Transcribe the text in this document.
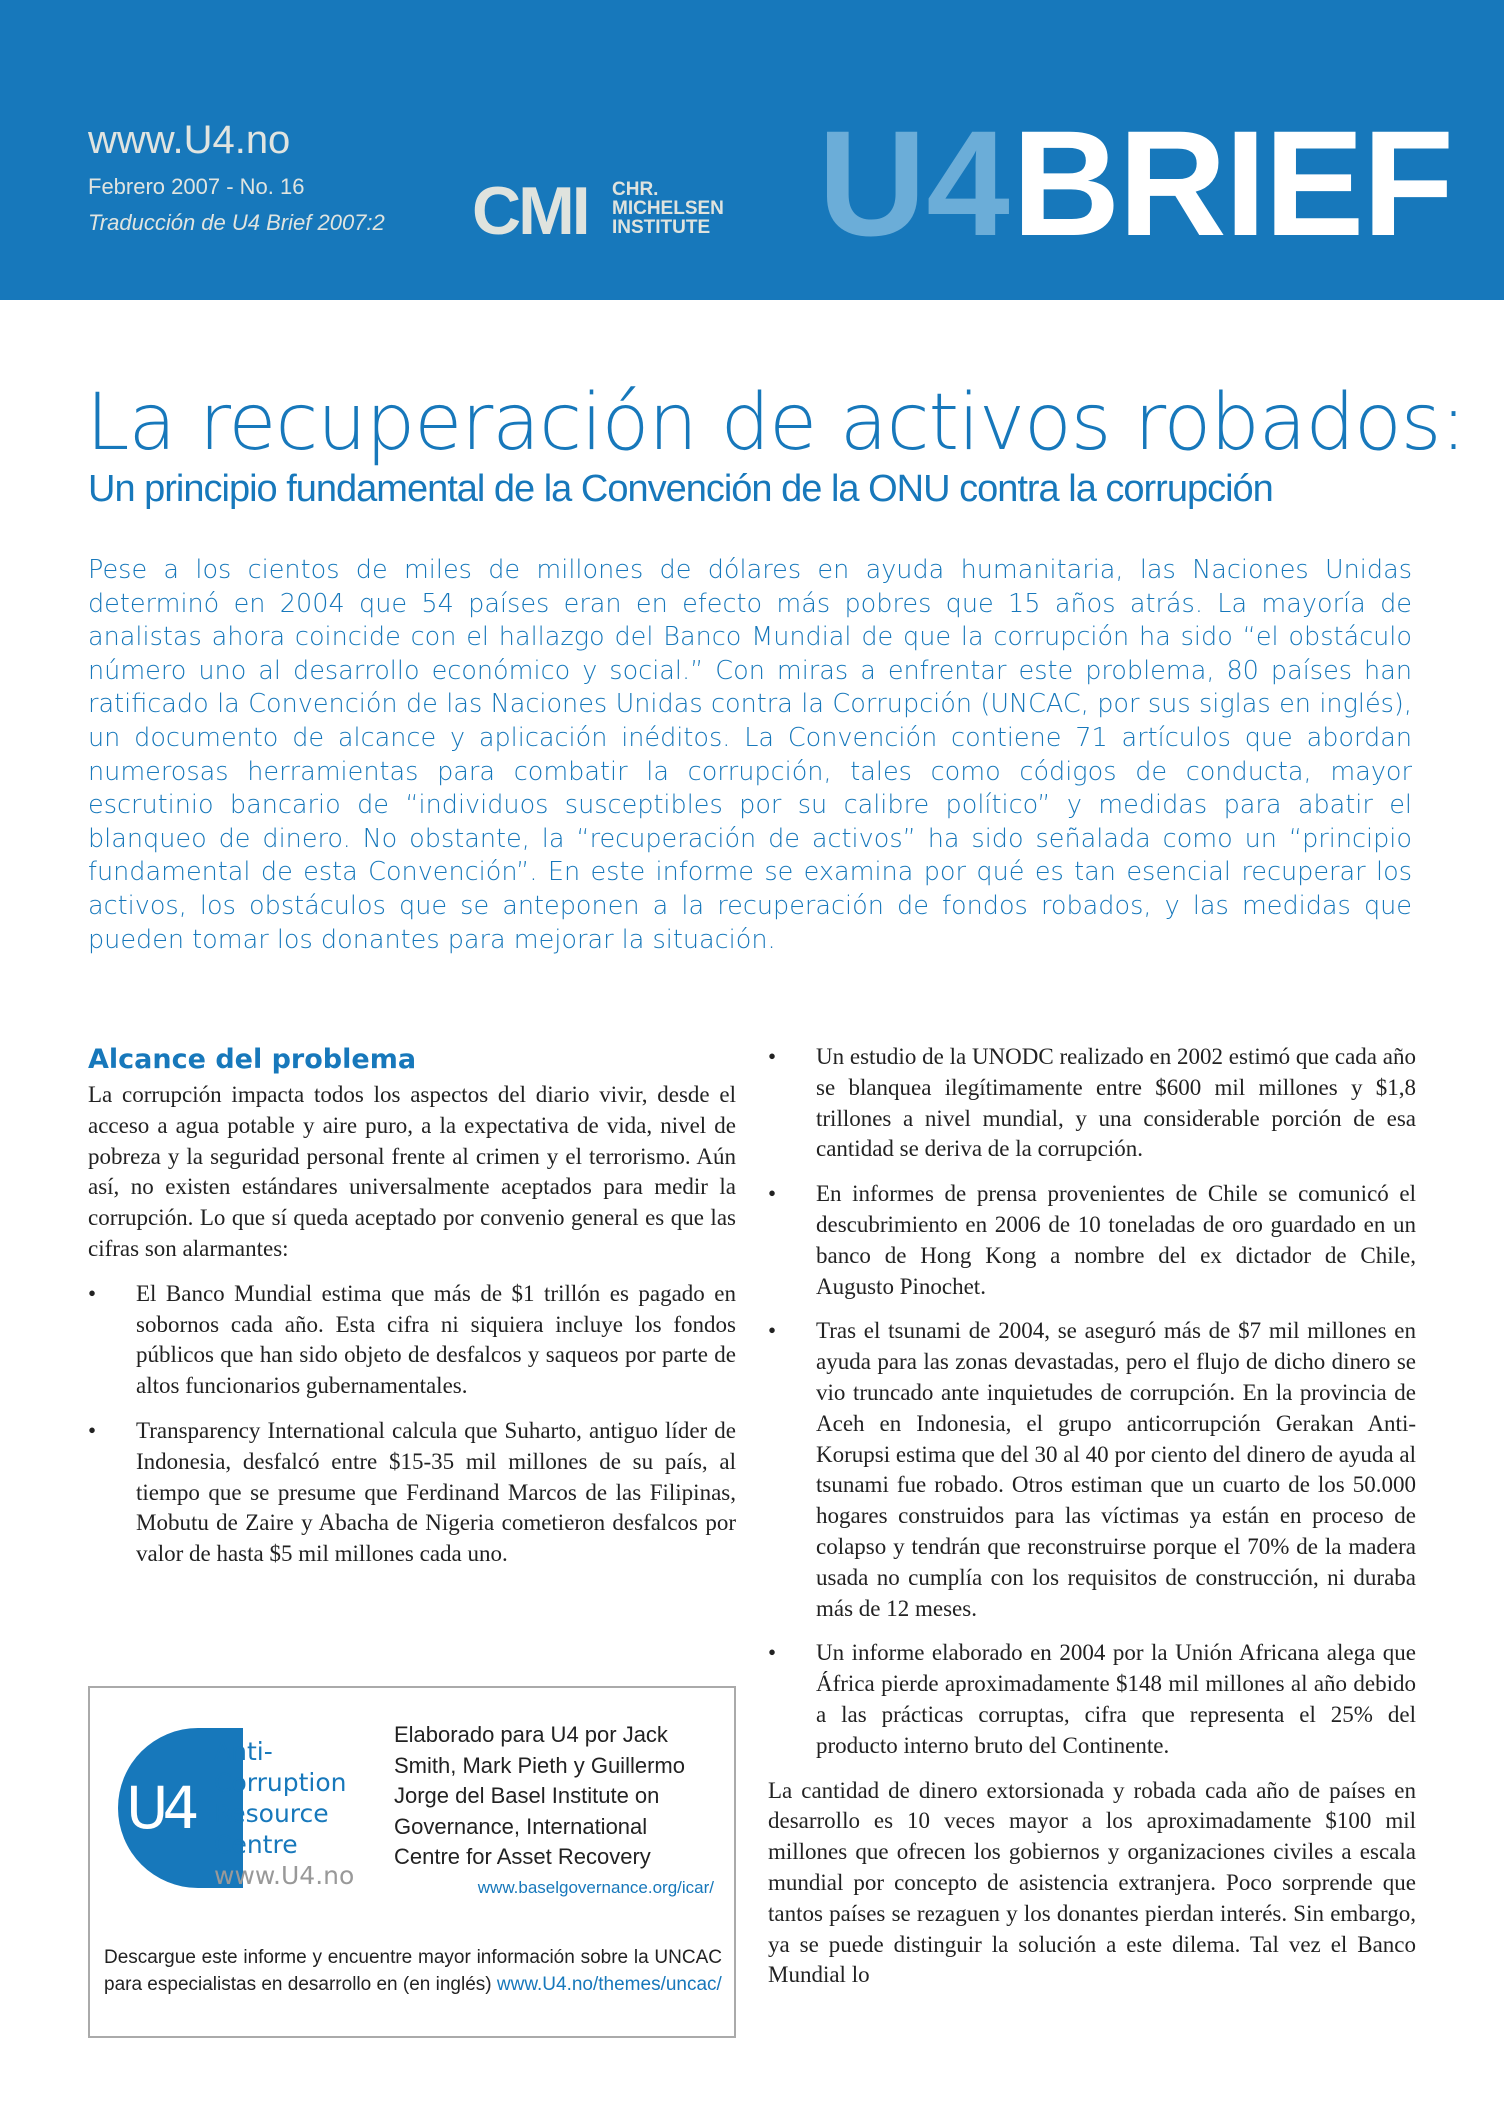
www.U4.no
Febrero 2007 - No. 16
Traducción de U4 Brief 2007:2 CMI CHR.
MICHELSEN
INSTITUTE U4 BRIEF
La recuperación de activos robados:
Un principio fundamental de la Convención de la ONU contra la corrupción

Pese a los cientos de miles de millones de dólares en ayuda humanitaria, las Naciones Unidas determinó en 2004 que 54 países eran en efecto más pobres que 15 años atrás. La mayoría de analistas ahora coincide con el hallazgo del Banco Mundial de que la corrupción ha sido “el obstáculo número uno al desarrollo económico y social.” Con miras a enfrentar este problema, 80 países han ratificado la Convención de las Naciones Unidas contra la Corrupción (UNCAC, por sus siglas en inglés), un documento de alcance y aplicación inéditos. La Convención contiene 71 artículos que abordan numerosas herramientas para combatir la corrupción, tales como códigos de conducta, mayor escrutinio bancario de “individuos susceptibles por su calibre político” y medidas para abatir el blanqueo de dinero. No obstante, la “recuperación de activos” ha sido señalada como un “principio fundamental de esta Convención”. En este informe se examina por qué es tan esencial recuperar los activos, los obstáculos que se anteponen a la recuperación de fondos robados, y las medidas que pueden tomar los donantes para mejorar la situación.

Alcance del problema

La corrupción impacta todos los aspectos del diario vivir, desde el acceso a agua potable y aire puro, a la expectativa de vida, nivel de pobreza y la seguridad personal frente al crimen y el terrorismo. Aún así, no existen estándares universalmente aceptados para medir la corrupción. Lo que sí queda aceptado por convenio general es que las cifras son alarmantes:

• El Banco Mundial estima que más de $1 trillón es pagado en sobornos cada año. Esta cifra ni siquiera incluye los fondos públicos que han sido objeto de desfalcos y saqueos por parte de altos funcionarios gubernamentales.
• Transparency International calcula que Suharto, antiguo líder de Indonesia, desfalcó entre $15-35 mil millones de su país, al tiempo que se presume que Ferdinand Marcos de las Filipinas, Mobutu de Zaire y Abacha de Nigeria cometieron desfalcos por valor de hasta $5 mil millones cada uno.
U4
Anti-
Corruption
Resource
Centre
www.U4.no
Elaborado para U4 por Jack Smith, Mark Pieth y Guillermo Jorge del Basel Institute on Governance, International Centre for Asset Recovery

www.baselgovernance.org/icar/
Descargue este informe y encuentre mayor información sobre la UNCAC para especialistas en desarrollo en (en inglés) www.U4.no/themes/uncac/
• Un estudio de la UNODC realizado en 2002 estimó que cada año se blanquea ilegítimamente entre $600 mil millones y $1,8 trillones a nivel mundial, y una considerable porción de esa cantidad se deriva de la corrupción.
• En informes de prensa provenientes de Chile se comunicó el descubrimiento en 2006 de 10 toneladas de oro guardado en un banco de Hong Kong a nombre del ex dictador de Chile, Augusto Pinochet.
• Tras el tsunami de 2004, se aseguró más de $7 mil millones en ayuda para las zonas devastadas, pero el flujo de dicho dinero se vio truncado ante inquietudes de corrupción. En la provincia de Aceh en Indonesia, el grupo anticorrupción Gerakan Anti-Korupsi estima que del 30 al 40 por ciento del dinero de ayuda al tsunami fue robado. Otros estiman que un cuarto de los 50.000 hogares construidos para las víctimas ya están en proceso de colapso y tendrán que reconstruirse porque el 70% de la madera usada no cumplía con los requisitos de construcción, ni duraba más de 12 meses.
• Un informe elaborado en 2004 por la Unión Africana alega que África pierde aproximadamente $148 mil millones al año debido a las prácticas corruptas, cifra que representa el 25% del producto interno bruto del Continente.

La cantidad de dinero extorsionada y robada cada año de países en desarrollo es 10 veces mayor a los aproximadamente $100 mil millones que ofrecen los gobiernos y organizaciones civiles a escala mundial por concepto de asistencia extranjera. Poco sorprende que tantos países se rezaguen y los donantes pierdan interés. Sin embargo, ya se puede distinguir la solución a este dilema. Tal vez el Banco Mundial lo
